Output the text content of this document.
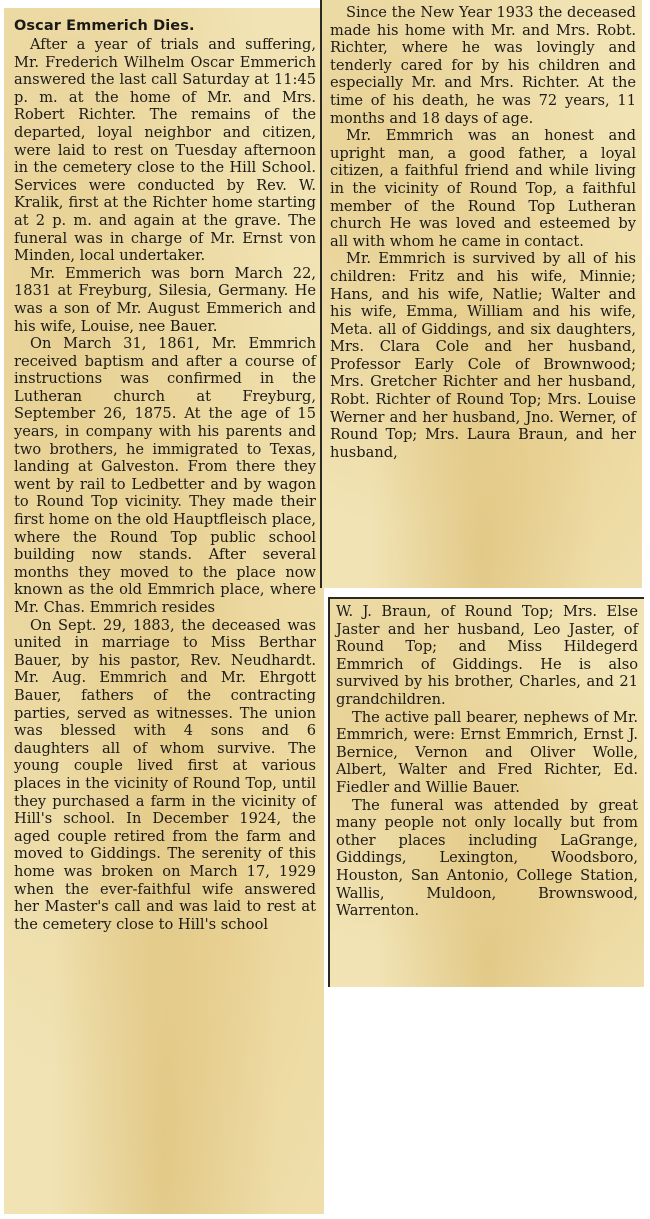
Oscar Emmerich Dies.

After a year of trials and suffering, Mr. Frederich Wilhelm Oscar Emmerich answered the last call Saturday at 11:45 p. m. at the home of Mr. and Mrs. Robert Richter. The remains of the departed, loyal neighbor and citizen, were laid to rest on Tuesday afternoon in the cemetery close to the Hill School. Services were conducted by Rev. W. Kralik, first at the Richter home starting at 2 p. m. and again at the grave. The funeral was in charge of Mr. Ernst von Minden, local undertaker.

Mr. Emmerich was born March 22, 1831 at Freyburg, Silesia, Germany. He was a son of Mr. August Emmerich and his wife, Louise, nee Bauer.

On March 31, 1861, Mr. Emmrich received baptism and after a course of instructions was confirmed in the Lutheran church at Freyburg, September 26, 1875. At the age of 15 years, in company with his parents and two brothers, he immigrated to Texas, landing at Galveston. From there they went by rail to Ledbetter and by wagon to Round Top vicinity. They made their first home on the old Hauptfleisch place, where the Round Top public school building now stands. After several months they moved to the place now known as the old Emmrich place, where Mr. Chas. Emmrich resides

On Sept. 29, 1883, the deceased was united in marriage to Miss Berthar Bauer, by his pastor, Rev. Neudhardt. Mr. Aug. Emmrich and Mr. Ehrgott Bauer, fathers of the contracting parties, served as witnesses. The union was blessed with 4 sons and 6 daughters all of whom survive. The young couple lived first at various places in the vicinity of Round Top, until they purchased a farm in the vicinity of Hill's school. In December 1924, the aged couple retired from the farm and moved to Giddings. The serenity of this home was broken on March 17, 1929 when the ever-faithful wife answered her Master's call and was laid to rest at the cemetery close to Hill's school

Since the New Year 1933 the deceased made his home with Mr. and Mrs. Robt. Richter, where he was lovingly and tenderly cared for by his children and especially Mr. and Mrs. Richter. At the time of his death, he was 72 years, 11 months and 18 days of age.

Mr. Emmrich was an honest and upright man, a good father, a loyal citizen, a faithful friend and while living in the vicinity of Round Top, a faithful member of the Round Top Lutheran church He was loved and esteemed by all with whom he came in contact.

Mr. Emmrich is survived by all of his children: Fritz and his wife, Minnie; Hans, and his wife, Natlie; Walter and his wife, Emma, William and his wife, Meta. all of Giddings, and six daughters, Mrs. Clara Cole and her husband, Professor Early Cole of Brownwood; Mrs. Gretcher Richter and her husband, Robt. Richter of Round Top; Mrs. Louise Werner and her husband, Jno. Werner, of Round Top; Mrs. Laura Braun, and her husband,

W. J. Braun, of Round Top; Mrs. Else Jaster and her husband, Leo Jaster, of Round Top; and Miss Hildegerd Emmrich of Giddings. He is also survived by his brother, Charles, and 21 grandchildren.

The active pall bearer, nephews of Mr. Emmrich, were: Ernst Emmrich, Ernst J. Bernice, Vernon and Oliver Wolle, Albert, Walter and Fred Richter, Ed. Fiedler and Willie Bauer.

The funeral was attended by great many people not only locally but from other places including LaGrange, Giddings, Lexington, Woodsboro, Houston, San Antonio, College Station, Wallis, Muldoon, Brownswood, Warrenton.
